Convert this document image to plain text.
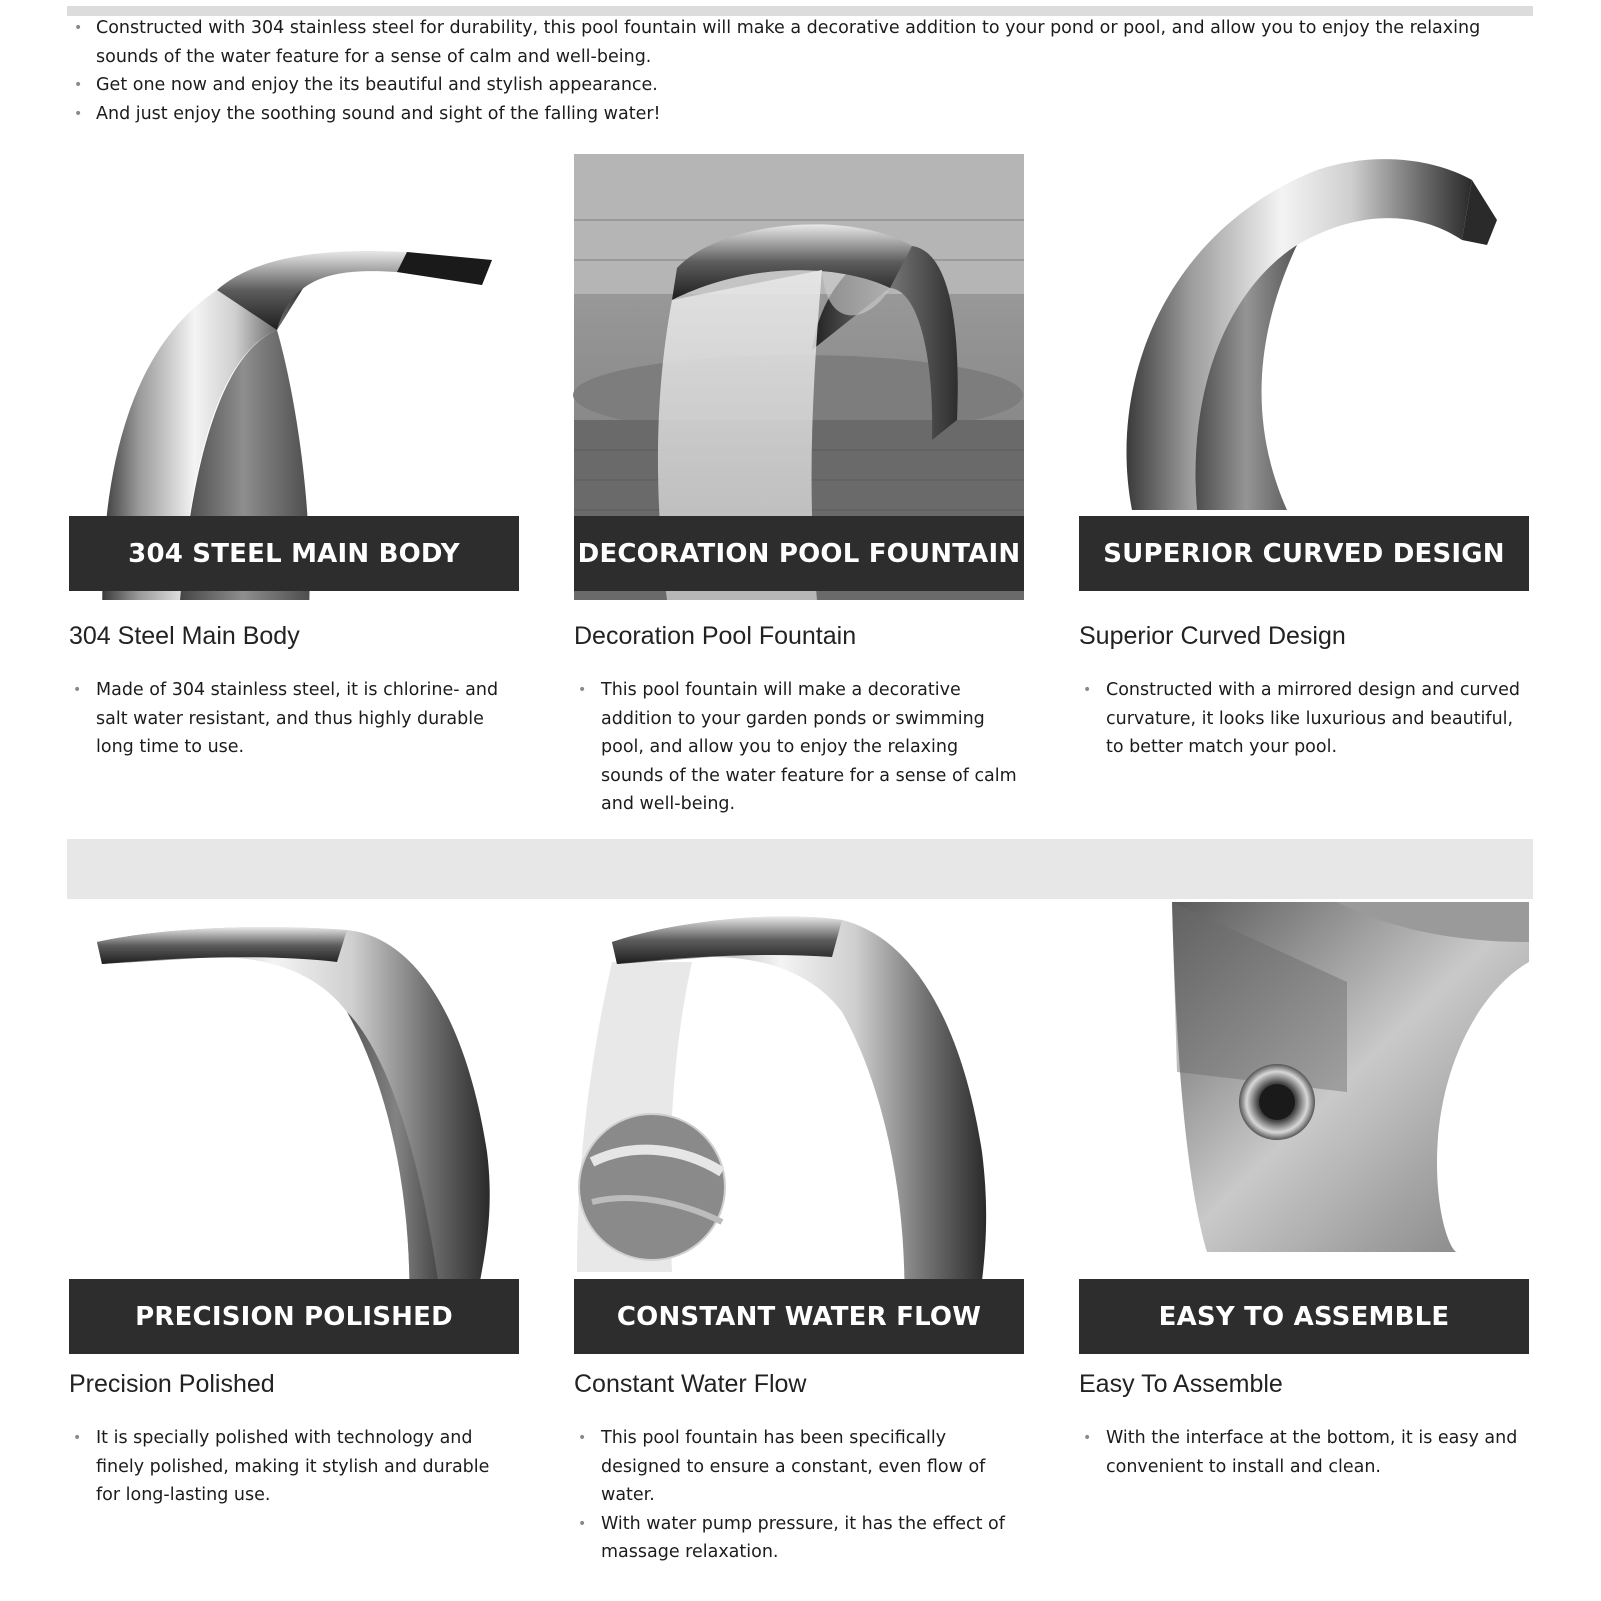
• Constructed with 304 stainless steel for durability, this pool fountain will make a decorative addition to your pond or pool, and allow you to enjoy the relaxing sounds of the water feature for a sense of calm and well-being.
• Get one now and enjoy the its beautiful and stylish appearance.
• And just enjoy the soothing sound and sight of the falling water!
304 STEEL MAIN BODY
304 Steel Main Body
• Made of 304 stainless steel, it is chlorine- and salt water resistant, and thus highly durable long time to use.
DECORATION POOL FOUNTAIN
Decoration Pool Fountain
• This pool fountain will make a decorative addition to your garden ponds or swimming pool, and allow you to enjoy the relaxing sounds of the water feature for a sense of calm and well-being.
SUPERIOR CURVED DESIGN
Superior Curved Design
• Constructed with a mirrored design and curved curvature, it looks like luxurious and beautiful, to better match your pool.
PRECISION POLISHED
Precision Polished
• It is specially polished with technology and finely polished, making it stylish and durable for long-lasting use.
CONSTANT WATER FLOW
Constant Water Flow
• This pool fountain has been specifically designed to ensure a constant, even flow of water.
• With water pump pressure, it has the effect of massage relaxation.
EASY TO ASSEMBLE
Easy To Assemble
• With the interface at the bottom, it is easy and convenient to install and clean.
